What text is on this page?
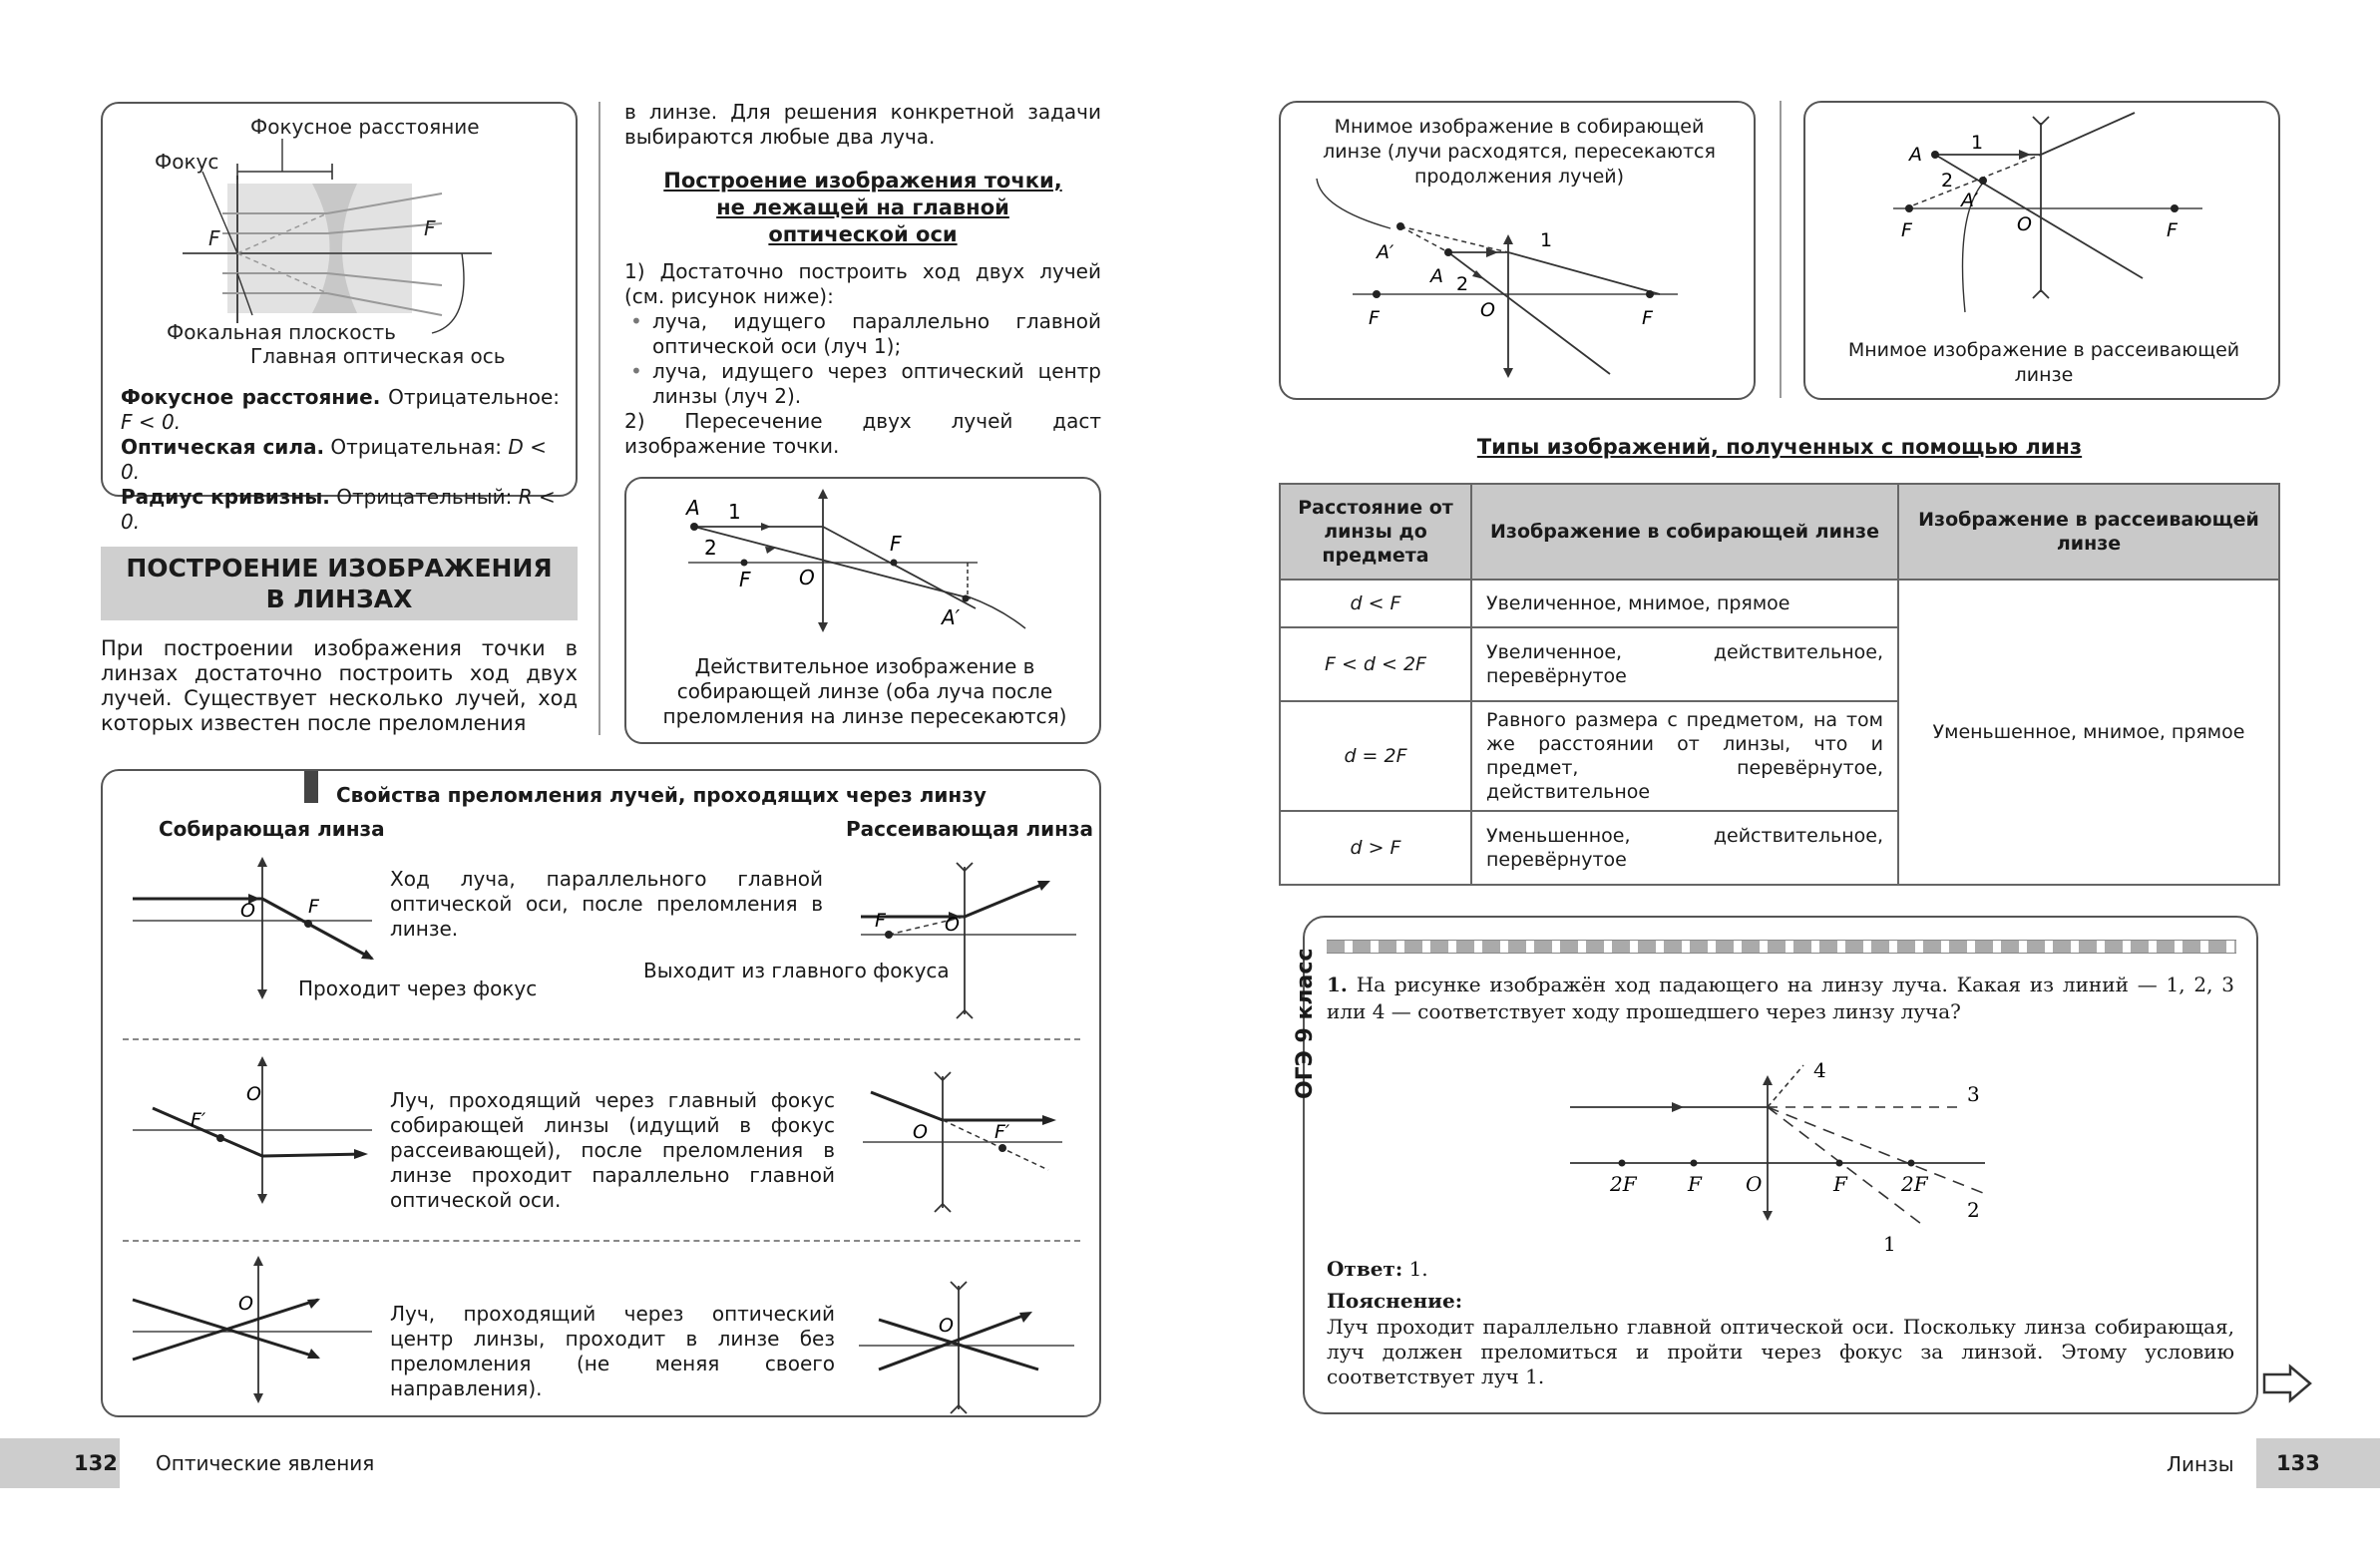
Фокусное расстояние
Фокус
F	F
Фокальная плоскость
Главная оптическая ось
Фокусное расстояние. Отрицательное:
F < 0.
Оптическая сила. Отрицательная: D < 0.
Радиус кривизны. Отрицательный: R < 0.
ПОСТРОЕНИЕ ИЗОБРАЖЕНИЯ
В ЛИНЗАХ
При построении изображения точки в линзах достаточно построить ход двух лучей. Существует несколько лучей, ход которых известен после преломления
в линзе. Для решения конкретной задачи выбираются любые два луча.
Построение изображения точки,
не лежащей на главной
оптической оси
1) Достаточно построить ход двух лучей (см. рисунок ниже):
• луча, идущего параллельно главной оптической оси (луч 1);
• луча, идущего через оптический центр линзы (луч 2).
2) Пересечение двух лучей даст изображение точки.
A 1
2	F
F O
A′
Действительное изображение в собирающей линзе (оба луча после преломления на линзе пересекаются)
Свойства преломления лучей, проходящих через линзу
Собирающая линза	Рассеивающая линза
O	F
Ход луча, параллельного главной оптической оси, после преломления в линзе.
Проходит через фокус
Выходит из главного фокуса
F	O
O
F′
Луч, проходящий через главный фокус собирающей линзы (идущий в фокус рассеивающей), после преломления в линзе проходит параллельно главной оптической оси.
O	F′
O	Луч, проходящий через оптический центр линзы, проходит в линзе без преломления (не меняя своего направления).
O
132 Оптические явления
Мнимое изображение в собирающей линзе (лучи расходятся, пересекаются продолжения лучей)
A′
A 2
1
F	O	F
A
1
2
A′
F	O	F
Мнимое изображение в рассеивающей линзе
Типы изображений, полученных с помощью линз
Расстояние от линзы до предмета	Изображение в собирающей линзе	Изображение в рассеивающей линзе
d < F	Увеличенное, мнимое, прямое	Уменьшенное, мнимое, прямое
F < d < 2F	Увеличенное, действительное, перевёрнутое	
d = 2F	Равного размера с предметом, на том же расстоянии от линзы, что и предмет, перевёрнутое, действительное	
d > F	Уменьшенное, действительное, перевёрнутое	
1. На рисунке изображён ход падающего на линзу луча. Какая из линий — 1, 2, 3 или 4 — соответствует ходу прошедшего через линзу луча?
2F	F O	F	2F
1
2
3
4
Ответ: 1.
Пояснение:
Луч проходит параллельно главной оптической оси. Поскольку линза собирающая, луч должен преломиться и пройти через фокус за линзой. Этому условию соответствует луч 1.
ОГЭ 9 класс
Линзы 133
